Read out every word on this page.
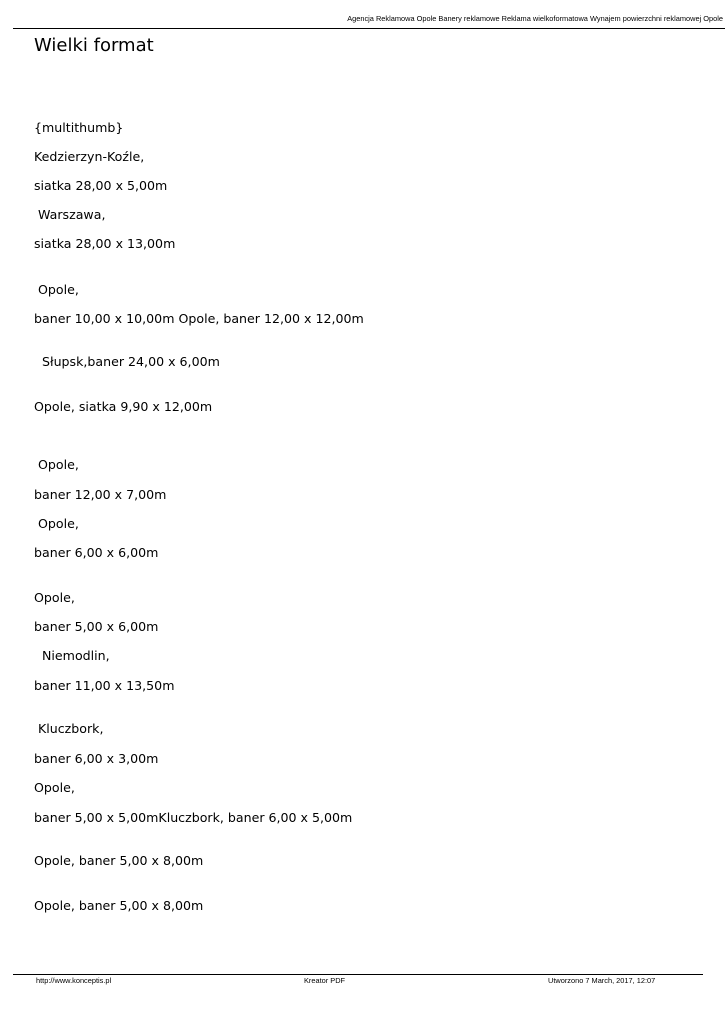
Agencja Reklamowa Opole Banery reklamowe Reklama wielkoformatowa Wynajem powierzchni reklamowej Opole
Wielki format
{multithumb}
Kedzierzyn-Koźle,
siatka 28,00 x 5,00m
Warszawa,
siatka 28,00 x 13,00m
Opole,
baner 10,00 x 10,00m Opole, baner 12,00 x 12,00m
Słupsk,baner 24,00 x 6,00m
Opole, siatka 9,90 x 12,00m
Opole,
baner 12,00 x 7,00m
Opole,
baner 6,00 x 6,00m
Opole,
baner 5,00 x 6,00m
Niemodlin,
baner 11,00 x 13,50m
Kluczbork,
baner 6,00 x 3,00m
Opole,
baner 5,00 x 5,00mKluczbork, baner 6,00 x 5,00m
Opole, baner 5,00 x 8,00m
Opole, baner 5,00 x 8,00m
http://www.konceptis.pl	Kreator PDF	Utworzono 7 March, 2017, 12:07
